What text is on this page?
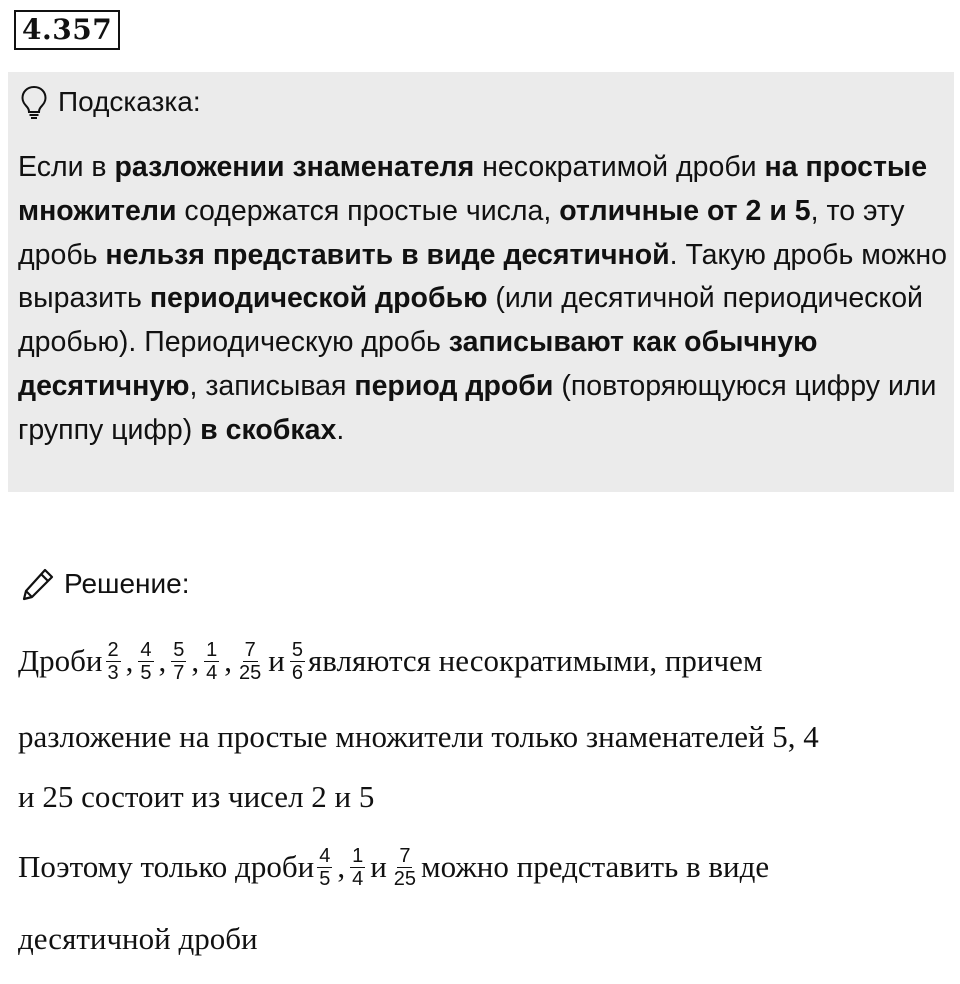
4.357
Подсказка:
Если в разложении знаменателя несократимой дроби на простые множители содержатся простые числа, отличные от 2 и 5, то эту дробь нельзя представить в виде десятичной. Такую дробь можно выразить периодической дробью (или десятичной периодической дробью). Периодическую дробь записывают как обычную десятичную, записывая период дроби (повторяющуюся цифру или группу цифр) в скобках.
Решение:
Дроби $\frac{2}{3}$ , $\frac{4}{5}$ , $\frac{5}{7}$ , $\frac{1}{4}$ , $\frac{7}{25}$ и $\frac{5}{6}$ являются несократимыми, причем
разложение на простые множители только знаменателей 5, 4
и 25 состоит из чисел 2 и 5
Поэтому только дроби $\frac{4}{5}$ , $\frac{1}{4}$ и $\frac{7}{25}$ можно представить в виде
десятичной дроби
